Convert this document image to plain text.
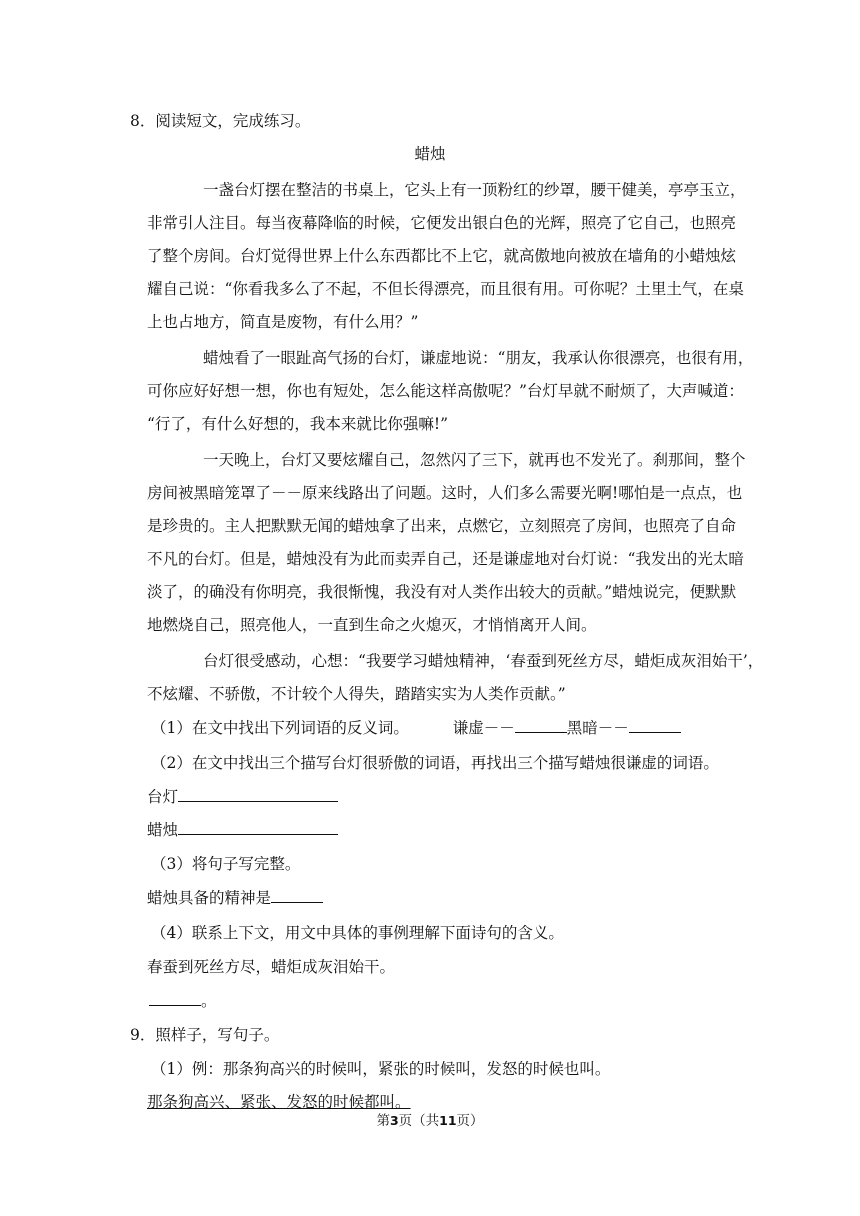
8．阅读短文，完成练习。
蜡烛
一盏台灯摆在整洁的书桌上，它头上有一顶粉红的纱罩，腰干健美，亭亭玉立，
非常引人注目。每当夜幕降临的时候，它便发出银白色的光辉，照亮了它自己，也照亮
了整个房间。台灯觉得世界上什么东西都比不上它，就高傲地向被放在墙角的小蜡烛炫
耀自己说：“你看我多么了不起，不但长得漂亮，而且很有用。可你呢？土里土气，在桌
上也占地方，简直是废物，有什么用？”
蜡烛看了一眼趾高气扬的台灯，谦虚地说：“朋友，我承认你很漂亮，也很有用，
可你应好好想一想，你也有短处，怎么能这样高傲呢？”台灯早就不耐烦了，大声喊道：
“行了，有什么好想的，我本来就比你强嘛!”
一天晚上，台灯又要炫耀自己，忽然闪了三下，就再也不发光了。刹那间，整个
房间被黑暗笼罩了－－原来线路出了问题。这时，人们多么需要光啊!哪怕是一点点，也
是珍贵的。主人把默默无闻的蜡烛拿了出来，点燃它，立刻照亮了房间，也照亮了自命
不凡的台灯。但是，蜡烛没有为此而卖弄自己，还是谦虚地对台灯说：“我发出的光太暗
淡了，的确没有你明亮，我很惭愧，我没有对人类作出较大的贡献。”蜡烛说完，便默默
地燃烧自己，照亮他人，一直到生命之火熄灭，才悄悄离开人间。
台灯很受感动，心想：“我要学习蜡烛精神，‘春蚕到死丝方尽，蜡炬成灰泪始干’，
不炫耀、不骄傲，不计较个人得失，踏踏实实为人类作贡献。”
（1）在文中找出下列词语的反义词。	谦虚－－	黑暗－－
（2）在文中找出三个描写台灯很骄傲的词语，再找出三个描写蜡烛很谦虚的词语。
台灯
蜡烛
（3）将句子写完整。
蜡烛具备的精神是
（4）联系上下文，用文中具体的事例理解下面诗句的含义。
春蚕到死丝方尽，蜡炬成灰泪始干。
。
9．照样子，写句子。
（1）例：那条狗高兴的时候叫，紧张的时候叫，发怒的时候也叫。
那条狗高兴、紧张、发怒的时候都叫。
第3页（共11页）
